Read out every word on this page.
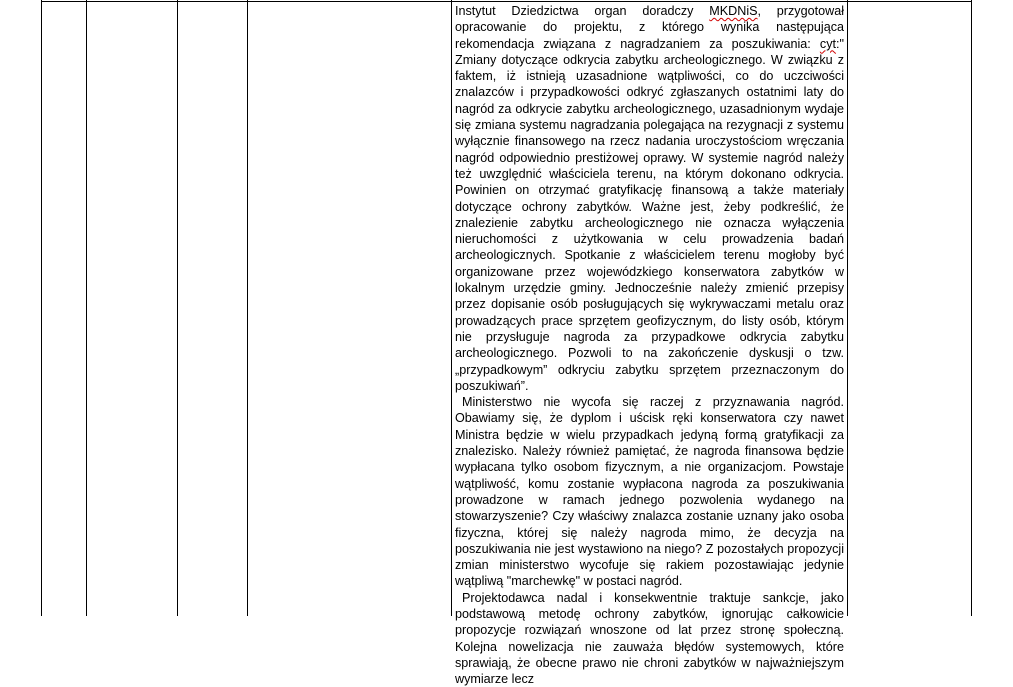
Instytut Dziedzictwa organ doradczy MKDNiS, przygotował opracowanie do projektu, z którego wynika następująca rekomendacja związana z nagradzaniem za poszukiwania: cyt:" Zmiany dotyczące odkrycia zabytku archeologicznego. W związku z faktem, iż istnieją uzasadnione wątpliwości, co do uczciwości znalazców i przypadkowości odkryć zgłaszanych ostatnimi laty do nagród za odkrycie zabytku archeologicznego, uzasadnionym wydaje się zmiana systemu nagradzania polegająca na rezygnacji z systemu wyłącznie finansowego na rzecz nadania uroczystościom wręczania nagród odpowiednio prestiżowej oprawy. W systemie nagród należy też uwzględnić właściciela terenu, na którym dokonano odkrycia. Powinien on otrzymać gratyfikację finansową a także materiały dotyczące ochrony zabytków. Ważne jest, żeby podkreślić, że znalezienie zabytku archeologicznego nie oznacza wyłączenia nieruchomości z użytkowania w celu prowadzenia badań archeologicznych. Spotkanie z właścicielem terenu mogłoby być organizowane przez wojewódzkiego konserwatora zabytków w lokalnym urzędzie gminy. Jednocześnie należy zmienić przepisy przez dopisanie osób posługujących się wykrywaczami metalu oraz prowadzących prace sprzętem geofizycznym, do listy osób, którym nie przysługuje nagroda za przypadkowe odkrycia zabytku archeologicznego. Pozwoli to na zakończenie dyskusji o tzw. „przypadkowym” odkryciu zabytku sprzętem przeznaczonym do poszukiwań”.

Ministerstwo nie wycofa się raczej z przyznawania nagród. Obawiamy się, że dyplom i uścisk ręki konserwatora czy nawet Ministra będzie w wielu przypadkach jedyną formą gratyfikacji za znalezisko. Należy również pamiętać, że nagroda finansowa będzie wypłacana tylko osobom fizycznym, a nie organizacjom. Powstaje wątpliwość, komu zostanie wypłacona nagroda za poszukiwania prowadzone w ramach jednego pozwolenia wydanego na stowarzyszenie? Czy właściwy znalazca zostanie uznany jako osoba fizyczna, której się należy nagroda mimo, że decyzja na poszukiwania nie jest wystawiono na niego? Z pozostałych propozycji zmian ministerstwo wycofuje się rakiem pozostawiając jedynie wątpliwą "marchewkę" w postaci nagród.

Projektodawca nadal i konsekwentnie traktuje sankcje, jako podstawową metodę ochrony zabytków, ignorując całkowicie propozycje rozwiązań wnoszone od lat przez stronę społeczną. Kolejna nowelizacja nie zauważa błędów systemowych, które sprawiają, że obecne prawo nie chroni zabytków w najważniejszym wymiarze lecz
